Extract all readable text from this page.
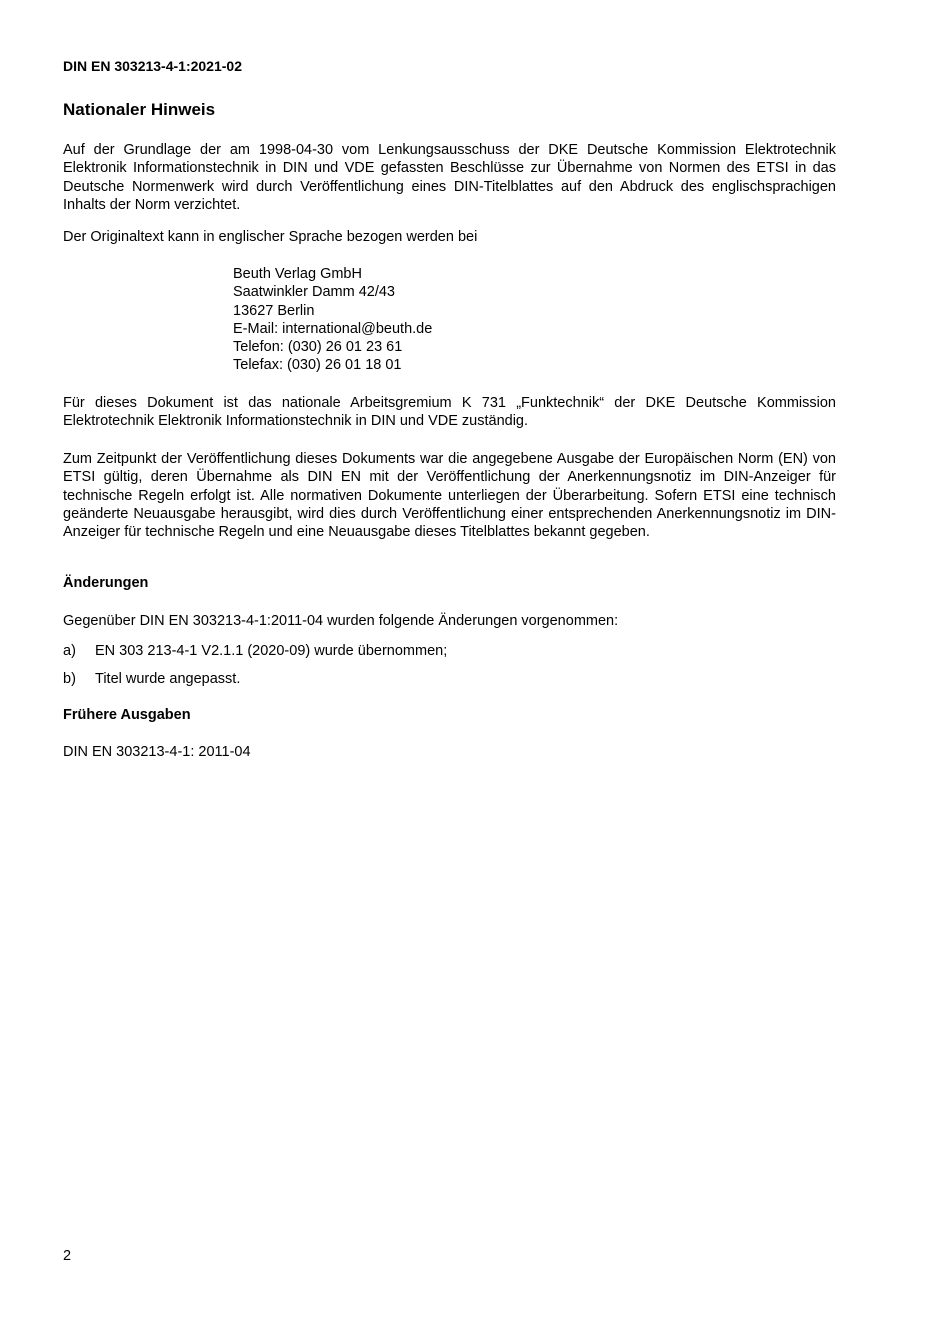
DIN EN 303213-4-1:2021-02
Nationaler Hinweis
Auf der Grundlage der am 1998-04-30 vom Lenkungsausschuss der DKE Deutsche Kommission Elektrotechnik Elektronik Informationstechnik in DIN und VDE gefassten Beschlüsse zur Übernahme von Normen des ETSI in das Deutsche Normenwerk wird durch Veröffentlichung eines DIN-Titelblattes auf den Abdruck des englischsprachigen Inhalts der Norm verzichtet.
Der Originaltext kann in englischer Sprache bezogen werden bei
Beuth Verlag GmbH
Saatwinkler Damm 42/43
13627 Berlin
E-Mail: international@beuth.de
Telefon: (030) 26 01 23 61
Telefax: (030) 26 01 18 01
Für dieses Dokument ist das nationale Arbeitsgremium K 731 „Funktechnik“ der DKE Deutsche Kommission Elektrotechnik Elektronik Informationstechnik in DIN und VDE zuständig.
Zum Zeitpunkt der Veröffentlichung dieses Dokuments war die angegebene Ausgabe der Europäischen Norm (EN) von ETSI gültig, deren Übernahme als DIN EN mit der Veröffentlichung der Anerkennungsnotiz im DIN-Anzeiger für technische Regeln erfolgt ist. Alle normativen Dokumente unterliegen der Überarbeitung. Sofern ETSI eine technisch geänderte Neuausgabe herausgibt, wird dies durch Veröffentlichung einer entsprechenden Anerkennungsnotiz im DIN-Anzeiger für technische Regeln und eine Neuausgabe dieses Titelblattes bekannt gegeben.
Änderungen
Gegenüber DIN EN 303213-4-1:2011-04 wurden folgende Änderungen vorgenommen:
a) EN 303 213-4-1 V2.1.1 (2020-09) wurde übernommen;
b) Titel wurde angepasst.
Frühere Ausgaben
DIN EN 303213-4-1: 2011-04
2
